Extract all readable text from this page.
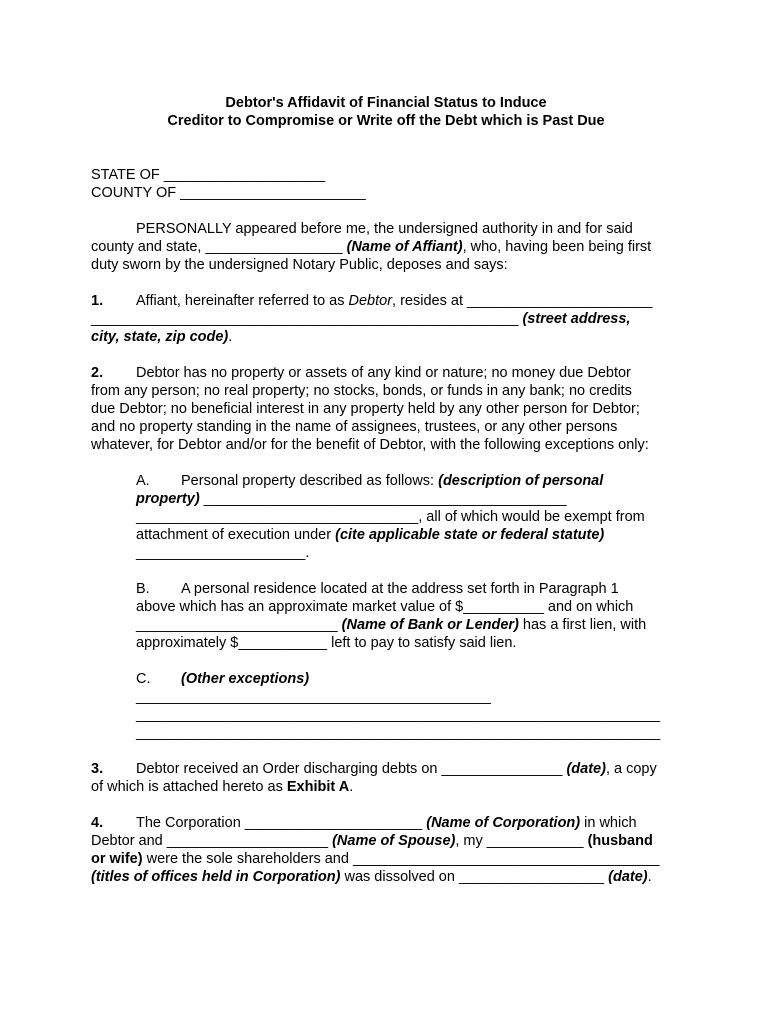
Debtor's Affidavit of Financial Status to Induce
Creditor to Compromise or Write off the Debt which is Past Due
STATE OF ____________________
COUNTY OF _______________________
PERSONALLY appeared before me, the undersigned authority in and for said
county and state, _________________ (Name of Affiant), who, having been being first
duty sworn by the undersigned Notary Public, deposes and says:
1. Affiant, hereinafter referred to as Debtor, resides at _______________________
_____________________________________________________ (street address,
city, state, zip code).
2. Debtor has no property or assets of any kind or nature; no money due Debtor
from any person; no real property; no stocks, bonds, or funds in any bank; no credits
due Debtor; no beneficial interest in any property held by any other person for Debtor;
and no property standing in the name of assignees, trustees, or any other persons
whatever, for Debtor and/or for the benefit of Debtor, with the following exceptions only:
A. Personal property described as follows: (description of personal
property) _____________________________________________
___________________________________, all of which would be exempt from
attachment of execution under (cite applicable state or federal statute)
_____________________.
B. A personal residence located at the address set forth in Paragraph 1
above which has an approximate market value of $__________ and on which
_________________________ (Name of Bank or Lender) has a first lien, with
approximately $___________ left to pay to satisfy said lien.
C. (Other exceptions)
____________________________________________
_________________________________________________________________
_________________________________________________________________
3. Debtor received an Order discharging debts on _______________ (date), a copy
of which is attached hereto as Exhibit A.
4. The Corporation ______________________ (Name of Corporation) in which
Debtor and ____________________ (Name of Spouse), my ____________ (husband
or wife) were the sole shareholders and ______________________________________
(titles of offices held in Corporation) was dissolved on __________________ (date).
